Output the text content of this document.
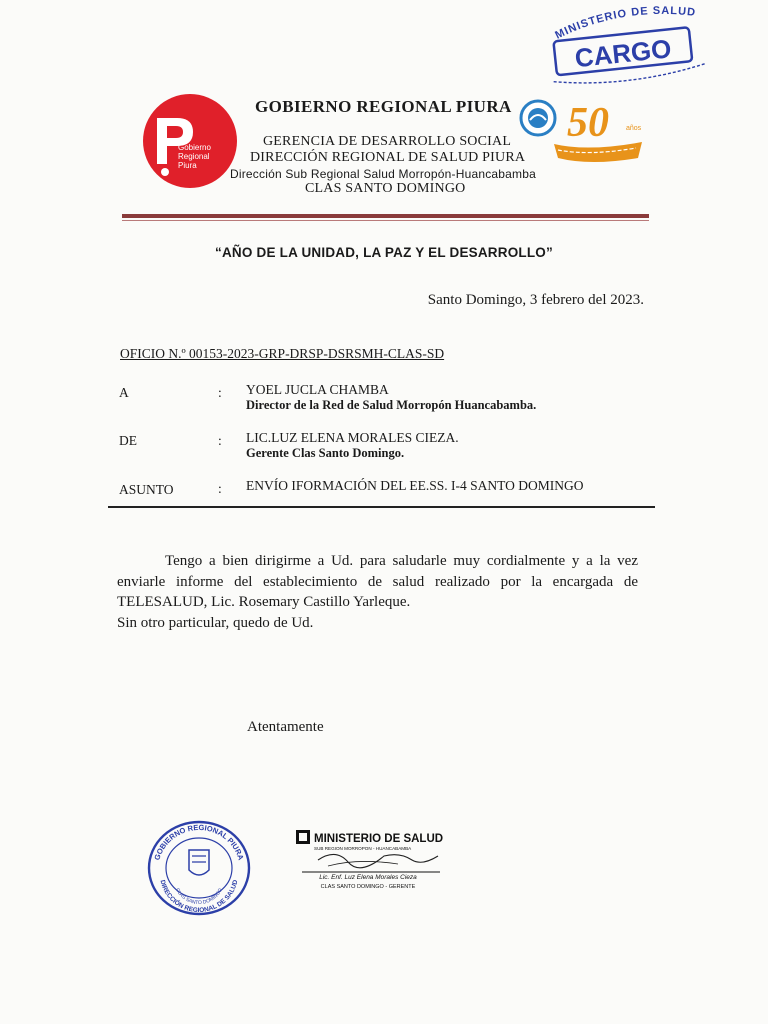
MINISTERIO DE SALUD
CARGO
Gobierno
Regional
Piura
GOBIERNO REGIONAL PIURA
GERENCIA DE DESARROLLO SOCIAL
DIRECCIÓN REGIONAL DE SALUD PIURA
Dirección Sub Regional Salud Morropón-Huancabamba
CLAS SANTO DOMINGO
50 años
“AÑO DE LA UNIDAD, LA PAZ Y EL DESARROLLO”
Santo Domingo, 3 febrero del 2023.
OFICIO N.º 00153-2023-GRP-DRSP-DSRSMH-CLAS-SD
A	: YOEL JUCLA CHAMBA
Director de la Red de Salud Morropón Huancabamba.
DE	: LIC.LUZ ELENA MORALES CIEZA.
Gerente Clas Santo Domingo.
ASUNTO	: ENVÍO IFORMACIÓN DEL EE.SS. I-4 SANTO DOMINGO

Tengo a bien dirigirme a Ud. para saludarle muy cordialmente y a la vez enviarle informe del establecimiento de salud realizado por la encargada de TELESALUD, Lic. Rosemary Castillo Yarleque.

Sin otro particular, quedo de Ud.

Atentamente
GOBIERNO REGIONAL PIURA
DIRECCIÓN REGIONAL DE SALUD
CLAS SANTO DOMINGO
MINISTERIO DE SALUD
SUB REGION MORROPON - HUANCABAMBA
Lic. Enf. Luz Elena Morales Cieza
CLAS SANTO DOMINGO - GERENTE
